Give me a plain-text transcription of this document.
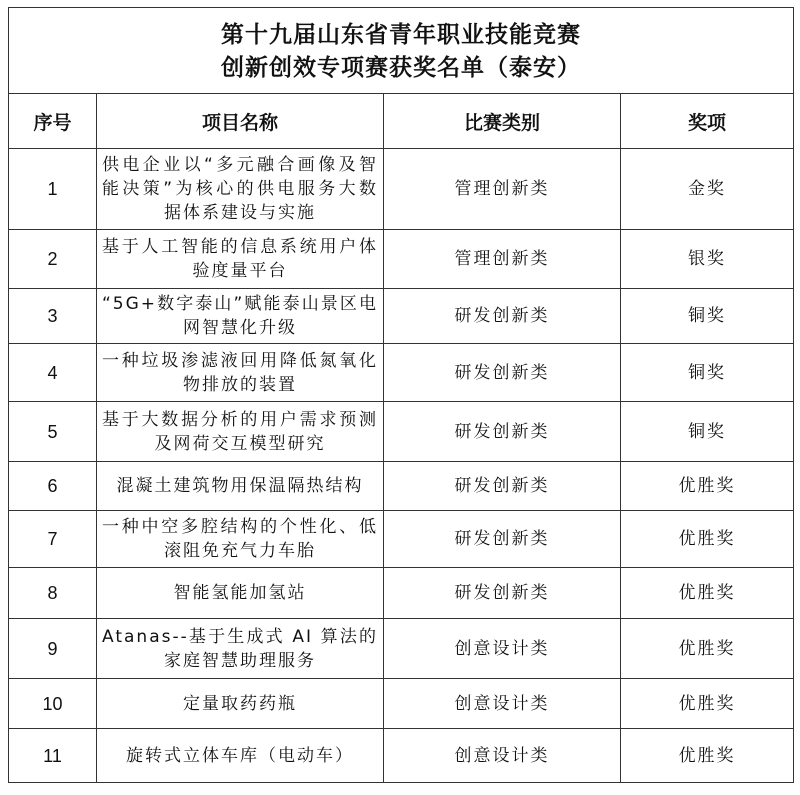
第十九届山东省青年职业技能竞赛
创新创效专项赛获奖名单（泰安）			

序号	项目名称	比赛类别	奖项
1	供电企业以“多元融合画像及智能决策”为核心的供电服务大数据体系建设与实施	管理创新类	金奖
2	基于人工智能的信息系统用户体验度量平台	管理创新类	银奖
3	“5G+数字泰山”赋能泰山景区电网智慧化升级	研发创新类	铜奖
4	一种垃圾渗滤液回用降低氮氧化物排放的装置	研发创新类	铜奖
5	基于大数据分析的用户需求预测及网荷交互模型研究	研发创新类	铜奖
6	混凝土建筑物用保温隔热结构	研发创新类	优胜奖
7	一种中空多腔结构的个性化、低滚阻免充气力车胎	研发创新类	优胜奖
8	智能氢能加氢站	研发创新类	优胜奖
9	Atanas--基于生成式 AI 算法的家庭智慧助理服务	创意设计类	优胜奖
10	定量取药药瓶	创意设计类	优胜奖
11	旋转式立体车库（电动车）	创意设计类	优胜奖
